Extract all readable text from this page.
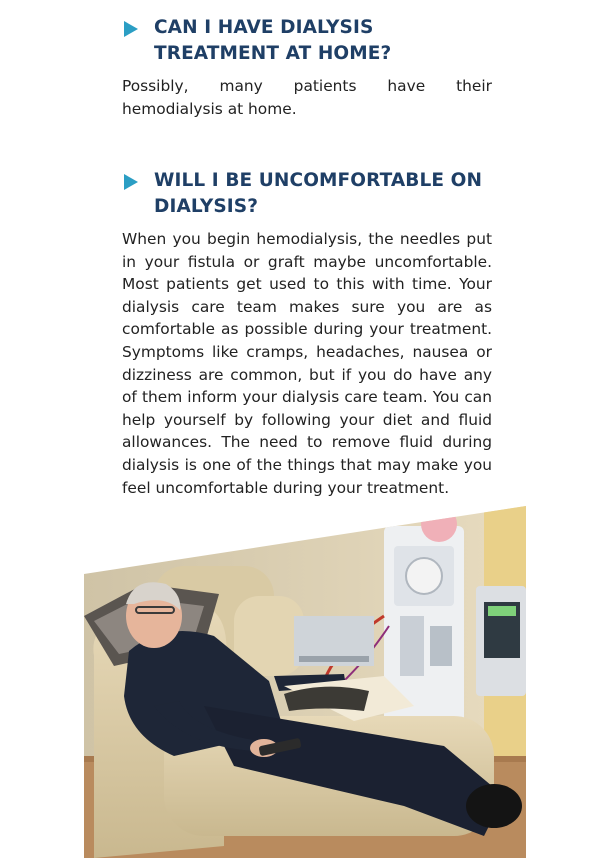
CAN I HAVE DIALYSIS TREATMENT AT HOME?

Possibly, many patients have their hemodialysis at home.

WILL I BE UNCOMFORTABLE ON DIALYSIS?

When you begin hemodialysis, the needles put in your fistula or graft maybe uncomfortable. Most patients get used to this with time. Your dialysis care team makes sure you are as comfortable as possible during your treatment. Symptoms like cramps, headaches, nausea or dizziness are common, but if you do have any of them inform your dialysis care team. You can help yourself by following your diet and fluid allowances. The need to remove fluid during dialysis is one of the things that may make you feel uncomfortable during your treatment.
